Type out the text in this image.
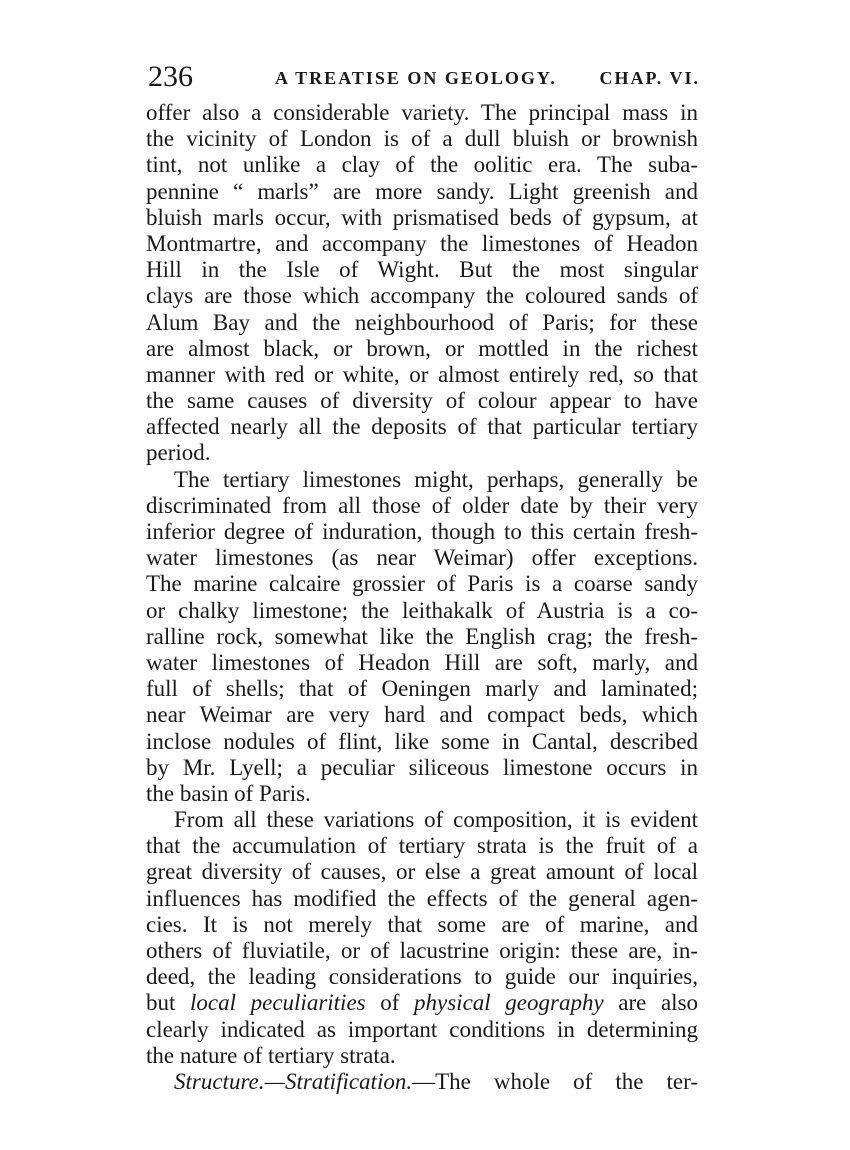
236	A TREATISE ON GEOLOGY. CHAP. VI.
offer also a considerable variety. The principal mass in
the vicinity of London is of a dull bluish or brownish
tint, not unlike a clay of the oolitic era. The suba-
pennine “ marls” are more sandy. Light greenish and
bluish marls occur, with prismatised beds of gypsum, at
Montmartre, and accompany the limestones of Headon
Hill in the Isle of Wight. But the most singular
clays are those which accompany the coloured sands of
Alum Bay and the neighbourhood of Paris; for these
are almost black, or brown, or mottled in the richest
manner with red or white, or almost entirely red, so that
the same causes of diversity of colour appear to have
affected nearly all the deposits of that particular tertiary
period.
The tertiary limestones might, perhaps, generally be
discriminated from all those of older date by their very
inferior degree of induration, though to this certain fresh-
water limestones (as near Weimar) offer exceptions.
The marine calcaire grossier of Paris is a coarse sandy
or chalky limestone; the leithakalk of Austria is a co-
ralline rock, somewhat like the English crag; the fresh-
water limestones of Headon Hill are soft, marly, and
full of shells; that of Oeningen marly and laminated;
near Weimar are very hard and compact beds, which
inclose nodules of flint, like some in Cantal, described
by Mr. Lyell; a peculiar siliceous limestone occurs in
the basin of Paris.
From all these variations of composition, it is evident
that the accumulation of tertiary strata is the fruit of a
great diversity of causes, or else a great amount of local
influences has modified the effects of the general agen-
cies. It is not merely that some are of marine, and
others of fluviatile, or of lacustrine origin: these are, in-
deed, the leading considerations to guide our inquiries,
but local peculiarities of physical geography are also
clearly indicated as important conditions in determining
the nature of tertiary strata.
Structure.—Stratification.—The whole of the ter-
